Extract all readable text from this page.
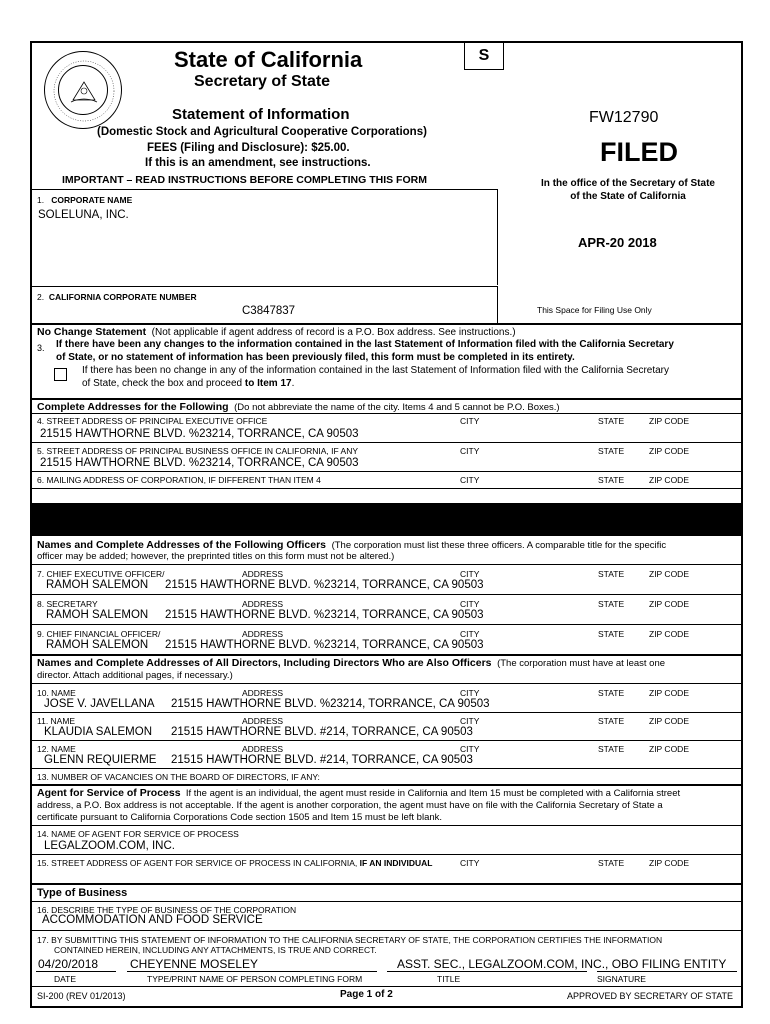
State of California	S
Secretary of State
Statement of Information
(Domestic Stock and Agricultural Cooperative Corporations)
FEES (Filing and Disclosure): $25.00.
If this is an amendment, see instructions.
IMPORTANT – READ INSTRUCTIONS BEFORE COMPLETING THIS FORM
FW12790
FILED
In the office of the Secretary of State
of the State of California
APR-20 2018
This Space for Filing Use Only
1. CORPORATE NAME
SOLELUNA, INC.
2. CALIFORNIA CORPORATE NUMBER
C3847837
No Change Statement (Not applicable if agent address of record is a P.O. Box address. See instructions.)
3. If there have been any changes to the information contained in the last Statement of Information filed with the California Secretary
of State, or no statement of information has been previously filed, this form must be completed in its entirety.
If there has been no change in any of the information contained in the last Statement of Information filed with the California Secretary
of State, check the box and proceed to Item 17.
Complete Addresses for the Following (Do not abbreviate the name of the city. Items 4 and 5 cannot be P.O. Boxes.)
4. STREET ADDRESS OF PRINCIPAL EXECUTIVE OFFICE	CITY	STATE	ZIP CODE
21515 HAWTHORNE BLVD. %23214, TORRANCE, CA 90503
5. STREET ADDRESS OF PRINCIPAL BUSINESS OFFICE IN CALIFORNIA, IF ANY	CITY	STATE	ZIP CODE
21515 HAWTHORNE BLVD. %23214, TORRANCE, CA 90503
6. MAILING ADDRESS OF CORPORATION, IF DIFFERENT THAN ITEM 4	CITY	STATE	ZIP CODE
Names and Complete Addresses of the Following Officers (The corporation must list these three officers. A comparable title for the specific
officer may be added; however, the preprinted titles on this form must not be altered.)
7. CHIEF EXECUTIVE OFFICER/	ADDRESS	CITY	STATE	ZIP CODE
RAMOH SALEMON 21515 HAWTHORNE BLVD. %23214, TORRANCE, CA 90503
8. SECRETARY	ADDRESS	CITY	STATE	ZIP CODE
RAMOH SALEMON 21515 HAWTHORNE BLVD. %23214, TORRANCE, CA 90503
9. CHIEF FINANCIAL OFFICER/	ADDRESS	CITY	STATE	ZIP CODE
RAMOH SALEMON 21515 HAWTHORNE BLVD. %23214, TORRANCE, CA 90503
Names and Complete Addresses of All Directors, Including Directors Who are Also Officers (The corporation must have at least one
director. Attach additional pages, if necessary.)
10. NAME	ADDRESS	CITY	STATE	ZIP CODE
JOSE V. JAVELLANA 21515 HAWTHORNE BLVD. %23214, TORRANCE, CA 90503
11. NAME	ADDRESS	CITY	STATE	ZIP CODE
KLAUDIA SALEMON 21515 HAWTHORNE BLVD. #214, TORRANCE, CA 90503
12. NAME	ADDRESS	CITY	STATE	ZIP CODE
GLENN REQUIERME 21515 HAWTHORNE BLVD. #214, TORRANCE, CA 90503
13. NUMBER OF VACANCIES ON THE BOARD OF DIRECTORS, IF ANY:
Agent for Service of Process If the agent is an individual, the agent must reside in California and Item 15 must be completed with a California street
address, a P.O. Box address is not acceptable. If the agent is another corporation, the agent must have on file with the California Secretary of State a
certificate pursuant to California Corporations Code section 1505 and Item 15 must be left blank.
14. NAME OF AGENT FOR SERVICE OF PROCESS
LEGALZOOM.COM, INC.
15. STREET ADDRESS OF AGENT FOR SERVICE OF PROCESS IN CALIFORNIA, IF AN INDIVIDUAL	CITY	STATE	ZIP CODE
Type of Business
16. DESCRIBE THE TYPE OF BUSINESS OF THE CORPORATION
ACCOMMODATION AND FOOD SERVICE
17. BY SUBMITTING THIS STATEMENT OF INFORMATION TO THE CALIFORNIA SECRETARY OF STATE, THE CORPORATION CERTIFIES THE INFORMATION
CONTAINED HEREIN, INCLUDING ANY ATTACHMENTS, IS TRUE AND CORRECT.
04/20/2018	CHEYENNE MOSELEY	ASST. SEC., LEGALZOOM.COM, INC., OBO FILING ENTITY
DATE	TYPE/PRINT NAME OF PERSON COMPLETING FORM	TITLE	SIGNATURE
SI-200 (REV 01/2013)	Page 1 of 2	APPROVED BY SECRETARY OF STATE
